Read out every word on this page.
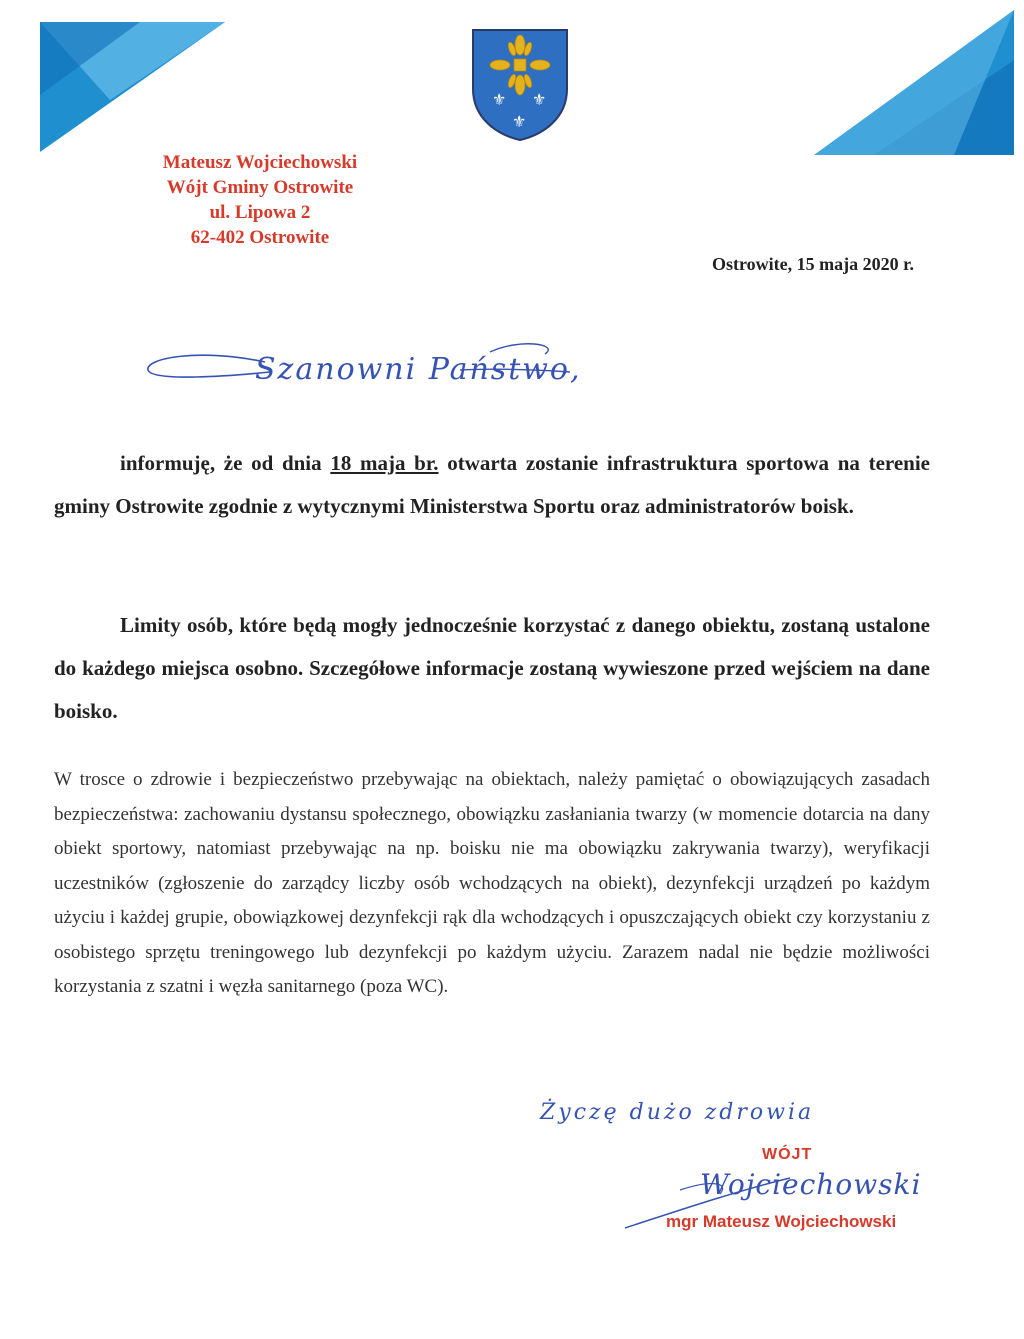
⚜ ⚜
⚜
Mateusz Wojciechowski
Wójt Gminy Ostrowite
ul. Lipowa 2
62-402 Ostrowite
Ostrowite, 15 maja 2020 r.
Szanowni Państwo,
informuję, że od dnia 18 maja br. otwarta zostanie infrastruktura sportowa na terenie gminy Ostrowite zgodnie z wytycznymi Ministerstwa Sportu oraz administratorów boisk.
Limity osób, które będą mogły jednocześnie korzystać z danego obiektu, zostaną ustalone do każdego miejsca osobno. Szczegółowe informacje zostaną wywieszone przed wejściem na dane boisko.
W trosce o zdrowie i bezpieczeństwo przebywając na obiektach, należy pamiętać o obowiązujących zasadach bezpieczeństwa: zachowaniu dystansu społecznego, obowiązku zasłaniania twarzy (w momencie dotarcia na dany obiekt sportowy, natomiast przebywając na np. boisku nie ma obowiązku zakrywania twarzy), weryfikacji uczestników (zgłoszenie do zarządcy liczby osób wchodzących na obiekt), dezynfekcji urządzeń po każdym użyciu i każdej grupie, obowiązkowej dezynfekcji rąk dla wchodzących i opuszczających obiekt czy korzystaniu z osobistego sprzętu treningowego lub dezynfekcji po każdym użyciu. Zarazem nadal nie będzie możliwości korzystania z szatni i węzła sanitarnego (poza WC).
Życzę dużo zdrowia
WÓJT
Wojciechowski
mgr Mateusz Wojciechowski
